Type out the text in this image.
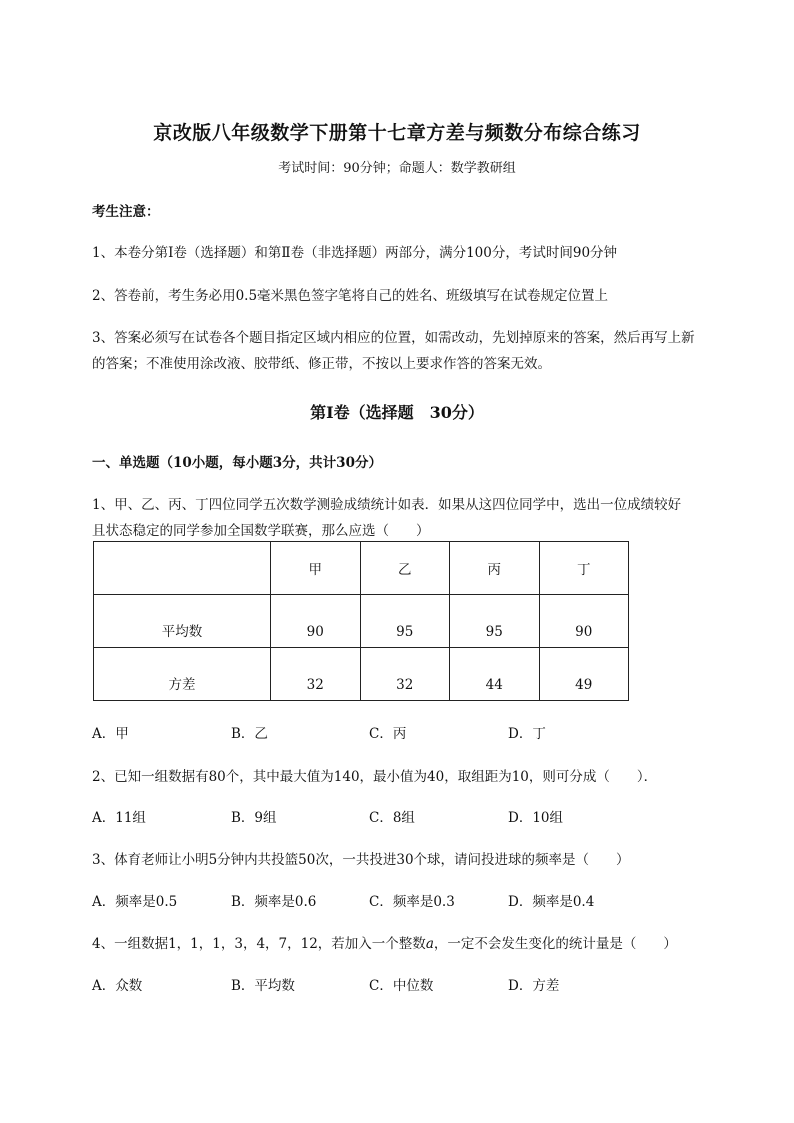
京改版八年级数学下册第十七章方差与频数分布综合练习
考试时间：90分钟；命题人：数学教研组
考生注意：
1、本卷分第I卷（选择题）和第Ⅱ卷（非选择题）两部分，满分100分，考试时间90分钟
2、答卷前，考生务必用0.5毫米黑色签字笔将自己的姓名、班级填写在试卷规定位置上
3、答案必须写在试卷各个题目指定区域内相应的位置，如需改动，先划掉原来的答案，然后再写上新
的答案；不准使用涂改液、胶带纸、修正带，不按以上要求作答的答案无效。
第I卷（选择题　30分）
一、单选题（10小题，每小题3分，共计30分）
1、甲、乙、丙、丁四位同学五次数学测验成绩统计如表．如果从这四位同学中，选出一位成绩较好
且状态稳定的同学参加全国数学联赛，那么应选（　　）
	甲	乙	丙	丁
平均数	90	95	95	90
方差	32	32	44	49
A．甲	B．乙	C．丙	D．丁
2、已知一组数据有80个，其中最大值为140，最小值为40，取组距为10，则可分成（　　）．
A．11组	B．9组	C．8组	D．10组
3、体育老师让小明5分钟内共投篮50次，一共投进30个球，请问投进球的频率是（　　）
A．频率是0.5	B．频率是0.6	C．频率是0.3	D．频率是0.4
4、一组数据1，1，1，3，4，7，12，若加入一个整数a，一定不会发生变化的统计量是（　　）
A．众数	B．平均数	C．中位数	D．方差
